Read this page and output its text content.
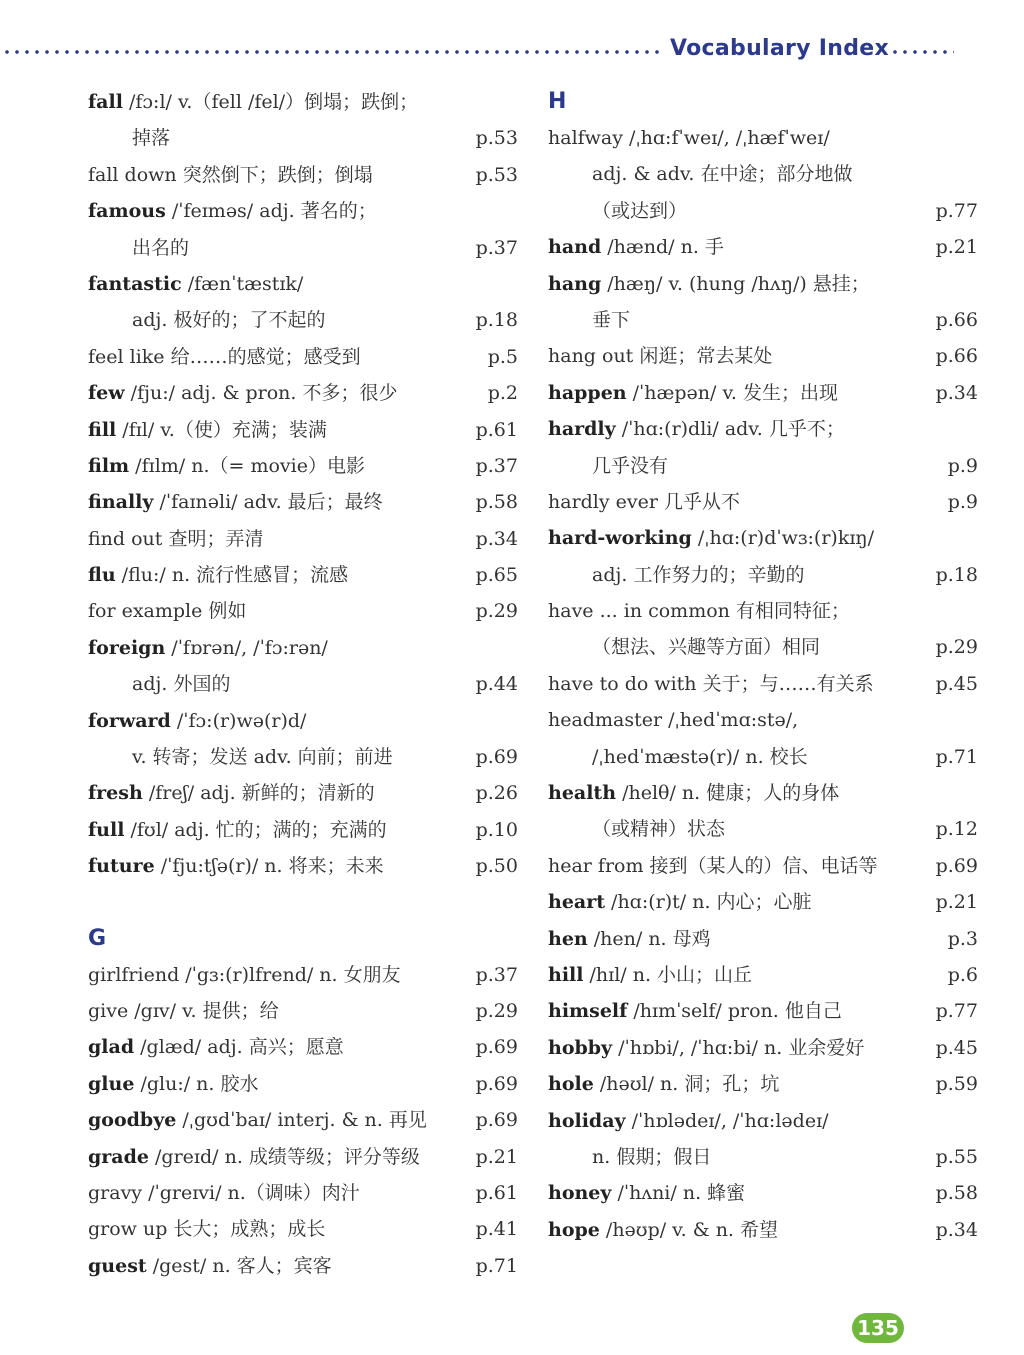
Vocabulary Index
fall /fɔ:l/ v.（fell /fel/）倒塌；跌倒；
掉落	p.53
fall down 突然倒下；跌倒；倒塌	p.53
famous /ˈfeɪməs/ adj. 著名的；
出名的	p.37
fantastic /fænˈtæstɪk/
adj. 极好的；了不起的	p.18
feel like 给……的感觉；感受到	p.5
few /fju:/ adj. & pron. 不多；很少	p.2
fill /fɪl/ v.（使）充满；装满	p.61
film /fɪlm/ n.（= movie）电影	p.37
finally /ˈfaɪnəli/ adv. 最后；最终	p.58
find out 查明；弄清	p.34
flu /flu:/ n. 流行性感冒；流感	p.65
for example 例如	p.29
foreign /ˈfɒrən/, /ˈfɔ:rən/
adj. 外国的	p.44
forward /ˈfɔ:(r)wə(r)d/
v. 转寄；发送 adv. 向前；前进	p.69
fresh /freʃ/ adj. 新鲜的；清新的	p.26
full /fʊl/ adj. 忙的；满的；充满的	p.10
future /ˈfju:tʃə(r)/ n. 将来；未来	p.50
G
girlfriend /ˈgɜ:(r)lfrend/ n. 女朋友	p.37
give /gɪv/ v. 提供；给	p.29
glad /glæd/ adj. 高兴；愿意	p.69
glue /glu:/ n. 胶水	p.69
goodbye /ˌgʊdˈbaɪ/ interj. & n. 再见	p.69
grade /greɪd/ n. 成绩等级；评分等级	p.21
gravy /ˈgreɪvi/ n.（调味）肉汁	p.61
grow up 长大；成熟；成长	p.41
guest /gest/ n. 客人；宾客	p.71
H
halfway /ˌhɑ:fˈweɪ/, /ˌhæfˈweɪ/
adj. & adv. 在中途；部分地做
（或达到）	p.77
hand /hænd/ n. 手	p.21
hang /hæŋ/ v. (hung /hʌŋ/) 悬挂；
垂下	p.66
hang out 闲逛；常去某处	p.66
happen /ˈhæpən/ v. 发生；出现	p.34
hardly /ˈhɑ:(r)dli/ adv. 几乎不；
几乎没有	p.9
hardly ever 几乎从不	p.9
hard-working /ˌhɑ:(r)dˈwɜ:(r)kɪŋ/
adj. 工作努力的；辛勤的	p.18
have ... in common 有相同特征；
（想法、兴趣等方面）相同	p.29
have to do with 关于；与……有关系	p.45
headmaster /ˌhedˈmɑ:stə/,
/ˌhedˈmæstə(r)/ n. 校长	p.71
health /helθ/ n. 健康；人的身体
（或精神）状态	p.12
hear from 接到（某人的）信、电话等	p.69
heart /hɑ:(r)t/ n. 内心；心脏	p.21
hen /hen/ n. 母鸡	p.3
hill /hɪl/ n. 小山；山丘	p.6
himself /hɪmˈself/ pron. 他自己	p.77
hobby /ˈhɒbi/, /ˈhɑ:bi/ n. 业余爱好	p.45
hole /həʊl/ n. 洞；孔；坑	p.59
holiday /ˈhɒlədeɪ/, /ˈhɑ:lədeɪ/
n. 假期；假日	p.55
honey /ˈhʌni/ n. 蜂蜜	p.58
hope /həʊp/ v. & n. 希望	p.34
135
